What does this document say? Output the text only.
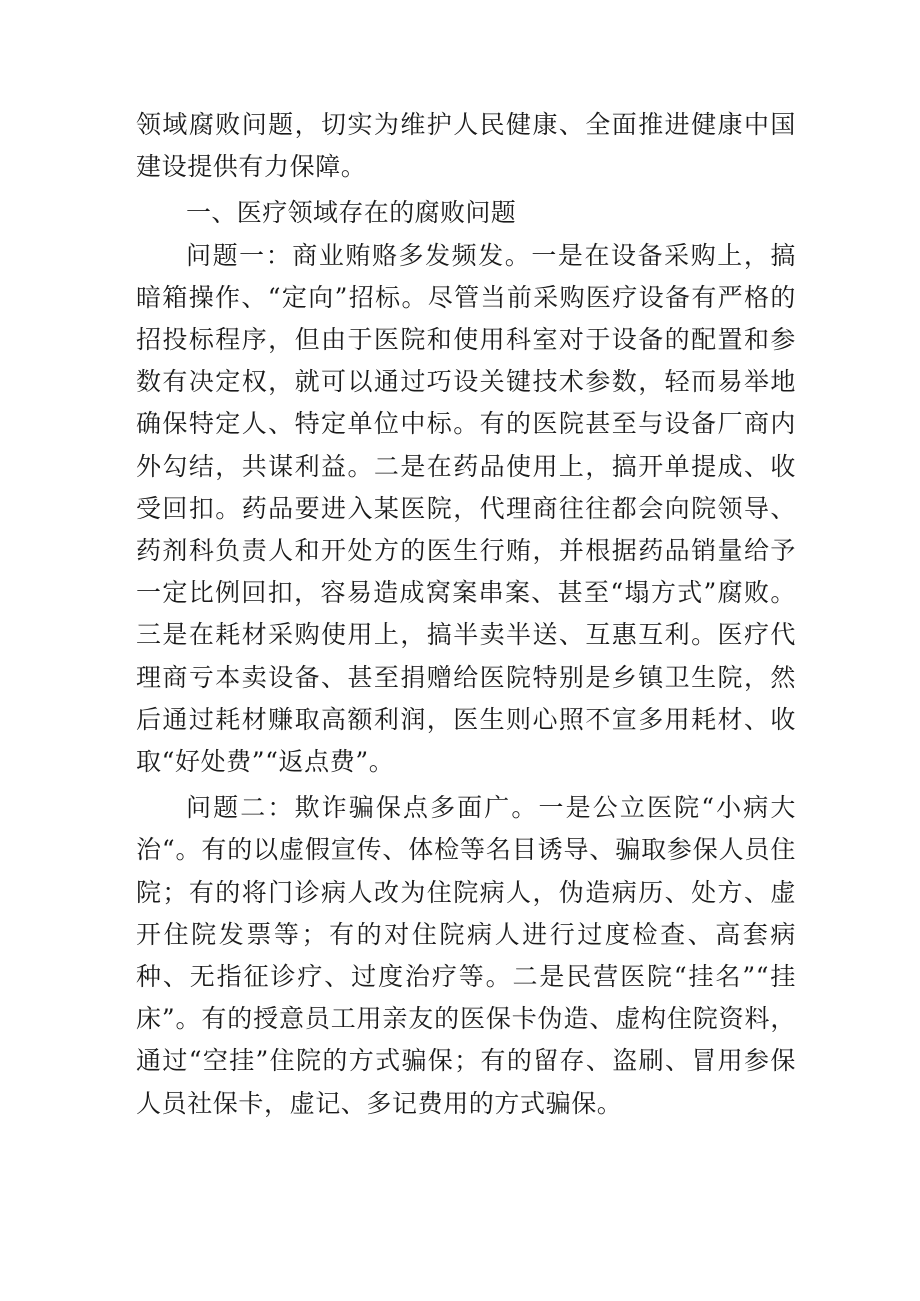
领域腐败问题，切实为维护人民健康、全面推进健康中国建设提供有力保障。

一、医疗领域存在的腐败问题

问题一：商业贿赂多发频发。一是在设备采购上，搞暗箱操作、“定向”招标。尽管当前采购医疗设备有严格的招投标程序，但由于医院和使用科室对于设备的配置和参数有决定权，就可以通过巧设关键技术参数，轻而易举地确保特定人、特定单位中标。有的医院甚至与设备厂商内外勾结，共谋利益。二是在药品使用上，搞开单提成、收受回扣。药品要进入某医院，代理商往往都会向院领导、药剂科负责人和开处方的医生行贿，并根据药品销量给予一定比例回扣，容易造成窝案串案、甚至“塌方式”腐败。三是在耗材采购使用上，搞半卖半送、互惠互利。医疗代理商亏本卖设备、甚至捐赠给医院特别是乡镇卫生院，然后通过耗材赚取高额利润，医生则心照不宣多用耗材、收取“好处费”“返点费”。

问题二：欺诈骗保点多面广。一是公立医院“小病大治“。有的以虚假宣传、体检等名目诱导、骗取参保人员住院；有的将门诊病人改为住院病人，伪造病历、处方、虚开住院发票等；有的对住院病人进行过度检查、高套病种、无指征诊疗、过度治疗等。二是民营医院“挂名”“挂床”。有的授意员工用亲友的医保卡伪造、虚构住院资料，通过“空挂”住院的方式骗保；有的留存、盗刷、冒用参保人员社保卡，虚记、多记费用的方式骗保。
